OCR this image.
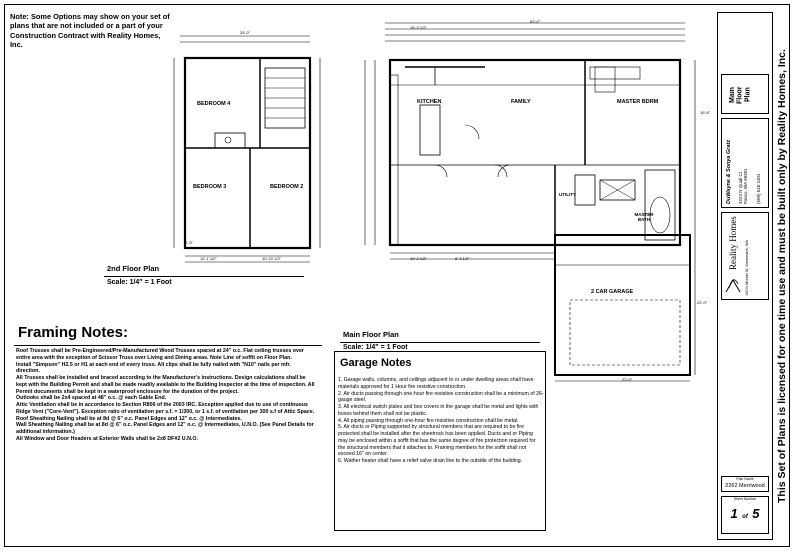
Note: Some Options may show on your set of plans that are not included or a part of your Construction Contract with Reality Homes, Inc.
24'-0"
12'-1 1/2"	10'-10 1/2"
2'-0"
BEDROOM 4
BEDROOM 3	BEDROOM 2
2nd Floor Plan
Scale: 1/4" = 1 Foot
62'-0"
16'-3 1/2"
22'-0"
19'-6"
22'-0"
10'-2 1/2"	8'-3 1/2"
KITCHEN	FAMILY	MASTER BDRM
UTILITY
MASTER BATH
2 CAR GARAGE
Main Floor Plan
Scale: 1/4" = 1 Foot
Framing Notes:

Roof Trusses shall be Pre-Engineered/Pre-Manufactured Wood Trusses spaced at 24" o.c. Flat ceiling trusses over entire area with the exception of Scissor Truss over Living and Dining areas. Note Line of soffit on Floor Plan.

Install "Simpson" H2.5 or H1 at each end of every truss. All clips shall be fully nailed with "N10" nails per mfr. direction.

All Trusses shall be installed and braced according to the Manufacturer's instructions. Design calculations shall be kept with the Building Permit and shall be made readily available to the Building Inspector at the time of inspection. All Permit documents shall be kept in a waterproof enclosure for the duration of the project.

Outlooks shall be 2x4 spaced at 48" o.c. @ each Gable End.

Attic Ventilation shall be in accordance to Section R806 of the 2003 IRC. Exception applied due to use of continuous Ridge Vent ("Core-Vent"). Exception ratio of ventilation per s.f. = 1/300, or 1 s.f. of ventilation per 300 s.f of Attic Space.

Roof Sheathing Nailing shall be at 8d @ 6" o.c. Panel Edges and 12" o.c. @ Intermediates.

Wall Sheathing Nailing shall be at 8d @ 6" o.c. Panel Edges and 12" o.c. @ Intermediates, U.N.O. (See Panel Details for additional information.)

All Window and Door Headers at Exterior Walls shall be 2x8 DF#2 U.N.O.

Garage Notes

1. Garage walls, columns, and ceilings adjacent to or under dwelling areas shall have materials approved for 1 Hour fire resistive construction.

2. Air ducts passing through one-hour fire resistive construction shall be a minimum of 26-gauge steel.

3. All electrical switch plates and box covers in the garage shall be metal and lights with boxes behind them shall not be plastic.

4. All piping passing through one-hour fire resistive construction shall be metal.

5. Air ducts or Piping supported by structural members that are required to be fire protected shall be installed after the sheetrock has been applied. Ducts and or Piping may be enclosed within a soffit that has the same degree of fire protection required for the structural members that it attaches to. Framing members for the soffit shall not exceed 16" on center.

6. Wather heater shall have a relief valve drain line to the outside of the building.

Main Floor Plan
DuWayne & Sonya Gratz 3224 N Quail Ct
Pasco, WA 99301 (509) 545-1101
Reality Homes 100 N Morain St, Kennewick, WA
Plan Name
2262 Merriwood
Sheet Number
1 of 5
This Set of Plans is licensed for one time use and must be built only by Reality Homes, Inc.
